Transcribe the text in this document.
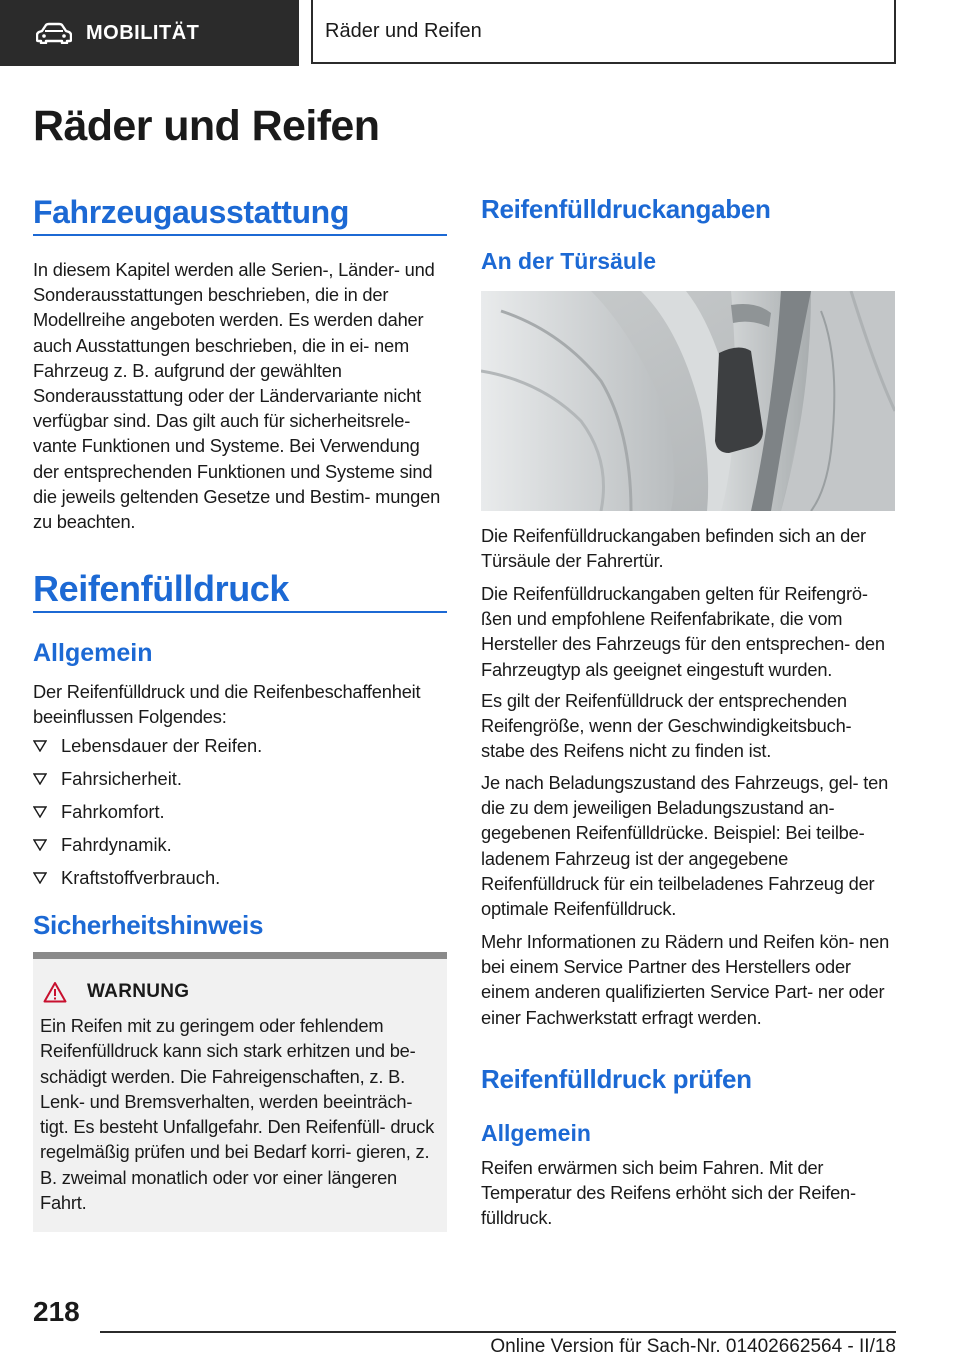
MOBILITÄT	Räder und Reifen
Räder und Reifen
Fahrzeugausstattung

In diesem Kapitel werden alle Serien-, Länder- und Sonderausstattungen beschrieben, die in der Modellreihe angeboten werden. Es werden daher auch Ausstattungen beschrieben, die in ei- nem Fahrzeug z. B. aufgrund der gewählten Sonderausstattung oder der Ländervariante nicht verfügbar sind. Das gilt auch für sicherheitsrele- vante Funktionen und Systeme. Bei Verwendung der entsprechenden Funktionen und Systeme sind die jeweils geltenden Gesetze und Bestim- mungen zu beachten.

Reifenfülldruck
Allgemein

Der Reifenfülldruck und die Reifenbeschaffenheit beeinflussen Folgendes:

Lebensdauer der Reifen.
Fahrsicherheit.
Fahrkomfort.
Fahrdynamik.
Kraftstoffverbrauch.
Sicherheitshinweis
WARNUNG

Ein Reifen mit zu geringem oder fehlendem Reifenfülldruck kann sich stark erhitzen und be- schädigt werden. Die Fahreigenschaften, z. B. Lenk- und Bremsverhalten, werden beeinträch- tigt. Es besteht Unfallgefahr. Den Reifenfüll- druck regelmäßig prüfen und bei Bedarf korri- gieren, z. B. zweimal monatlich oder vor einer längeren Fahrt.

Reifenfülldruckangaben
An der Türsäule

Die Reifenfülldruckangaben befinden sich an der Türsäule der Fahrertür.

Die Reifenfülldruckangaben gelten für Reifengrö- ßen und empfohlene Reifenfabrikate, die vom Hersteller des Fahrzeugs für den entsprechen- den Fahrzeugtyp als geeignet eingestuft wurden.

Es gilt der Reifenfülldruck der entsprechenden Reifengröße, wenn der Geschwindigkeitsbuch- stabe des Reifens nicht zu finden ist.

Je nach Beladungszustand des Fahrzeugs, gel- ten die zu dem jeweiligen Beladungszustand an- gegebenen Reifenfülldrücke. Beispiel: Bei teilbe- ladenem Fahrzeug ist der angegebene Reifenfülldruck für ein teilbeladenes Fahrzeug der optimale Reifenfülldruck.

Mehr Informationen zu Rädern und Reifen kön- nen bei einem Service Partner des Herstellers oder einem anderen qualifizierten Service Part- ner oder einer Fachwerkstatt erfragt werden.

Reifenfülldruck prüfen
Allgemein

Reifen erwärmen sich beim Fahren. Mit der Temperatur des Reifens erhöht sich der Reifen- fülldruck.

218

Online Version für Sach-Nr. 01402662564 - II/18
